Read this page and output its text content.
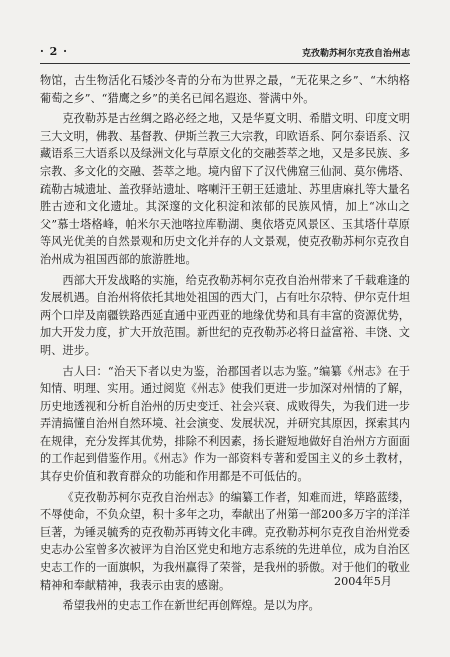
· 2 ·	克孜勒苏柯尔克孜自治州志

物馆，古生物活化石矮沙冬青的分布为世界之最，“无花果之乡”、“木纳格葡萄之乡”、“猎鹰之乡”的美名已闻名遐迩、誉满中外。

克孜勒苏是古丝绸之路必经之地，又是华夏文明、希腊文明、印度文明三大文明，佛教、基督教、伊斯兰教三大宗教，印欧语系、阿尔泰语系、汉藏语系三大语系以及绿洲文化与草原文化的交融荟萃之地，又是多民族、多宗教、多文化的交融、荟萃之地。境内留下了汉代佛窟三仙洞、莫尔佛塔、疏勒古城遗址、盖孜驿站遗址、喀喇汗王朝王廷遗址、苏里唐麻扎等大量名胜古迹和文化遗址。其深邃的文化积淀和浓郁的民族风情，加上“冰山之父”慕士塔格峰，帕米尔天池喀拉库勒湖、奥依塔克风景区、玉其塔什草原等风光优美的自然景观和历史文化并存的人文景观，使克孜勒苏柯尔克孜自治州成为祖国西部的旅游胜地。

西部大开发战略的实施，给克孜勒苏柯尔克孜自治州带来了千载难逢的发展机遇。自治州将依托其地处祖国的西大门，占有吐尔尕特、伊尔克什坦两个口岸及南疆铁路西延直通中亚西亚的地缘优势和具有丰富的资源优势，加大开发力度，扩大开放范围。新世纪的克孜勒苏必将日益富裕、丰饶、文明、进步。

古人曰：“治天下者以史为鉴，治郡国者以志为鉴。”编纂《州志》在于知情、明理、实用。通过阅览《州志》使我们更进一步加深对州情的了解，历史地透视和分析自治州的历史变迁、社会兴衰、成败得失，为我们进一步弄清搞懂自治州自然环境、社会演变、发展状况，并研究其原因，探索其内在规律，充分发挥其优势，排除不利因素，扬长避短地做好自治州方方面面的工作起到借鉴作用。《州志》作为一部资料专著和爱国主义的乡土教材，其存史价值和教育群众的功能和作用都是不可低估的。

《克孜勒苏柯尔克孜自治州志》的编纂工作者，知难而进，筚路蓝缕，不辱使命，不负众望，积十多年之功，奉献出了州第一部200多万字的洋洋巨著，为锤灵毓秀的克孜勒苏再铸文化丰碑。克孜勒苏柯尔克孜自治州党委史志办公室曾多次被评为自治区党史和地方志系统的先进单位，成为自治区史志工作的一面旗帜，为我州赢得了荣誉，是我州的骄傲。对于他们的敬业精神和奉献精神，我表示由衷的感谢。

希望我州的史志工作在新世纪再创辉煌。是以为序。

2004年5月
